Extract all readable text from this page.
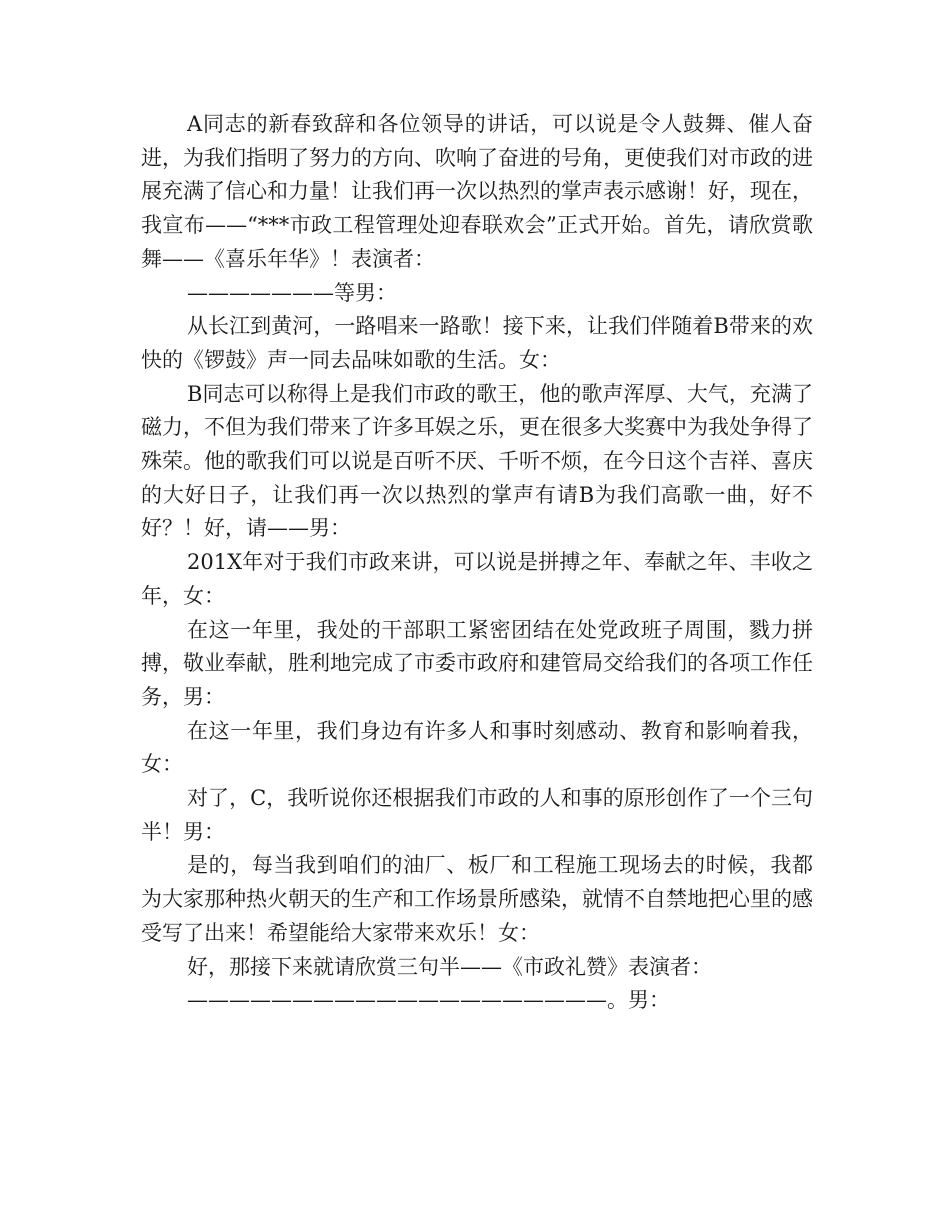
A同志的新春致辞和各位领导的讲话，可以说是令人鼓舞、催人奋进，为我们指明了努力的方向、吹响了奋进的号角，更使我们对市政的进展充满了信心和力量！让我们再一次以热烈的掌声表示感谢！好，现在，我宣布——“***市政工程管理处迎春联欢会”正式开始。首先，请欣赏歌舞——《喜乐年华》！表演者：

———————等男：

从长江到黄河，一路唱来一路歌！接下来，让我们伴随着B带来的欢快的《锣鼓》声一同去品味如歌的生活。女：

B同志可以称得上是我们市政的歌王，他的歌声浑厚、大气，充满了磁力，不但为我们带来了许多耳娱之乐，更在很多大奖赛中为我处争得了殊荣。他的歌我们可以说是百听不厌、千听不烦，在今日这个吉祥、喜庆的大好日子，让我们再一次以热烈的掌声有请B为我们高歌一曲，好不好？！好，请——男：

201X年对于我们市政来讲，可以说是拼搏之年、奉献之年、丰收之年，女：

在这一年里，我处的干部职工紧密团结在处党政班子周围，戮力拼搏，敬业奉献，胜利地完成了市委市政府和建管局交给我们的各项工作任务，男：

在这一年里，我们身边有许多人和事时刻感动、教育和影响着我，女：

对了，C，我听说你还根据我们市政的人和事的原形创作了一个三句半！男：

是的，每当我到咱们的油厂、板厂和工程施工现场去的时候，我都为大家那种热火朝天的生产和工作场景所感染，就情不自禁地把心里的感受写了出来！希望能给大家带来欢乐！女：

好，那接下来就请欣赏三句半——《市政礼赞》表演者：

————————————————————。男：
